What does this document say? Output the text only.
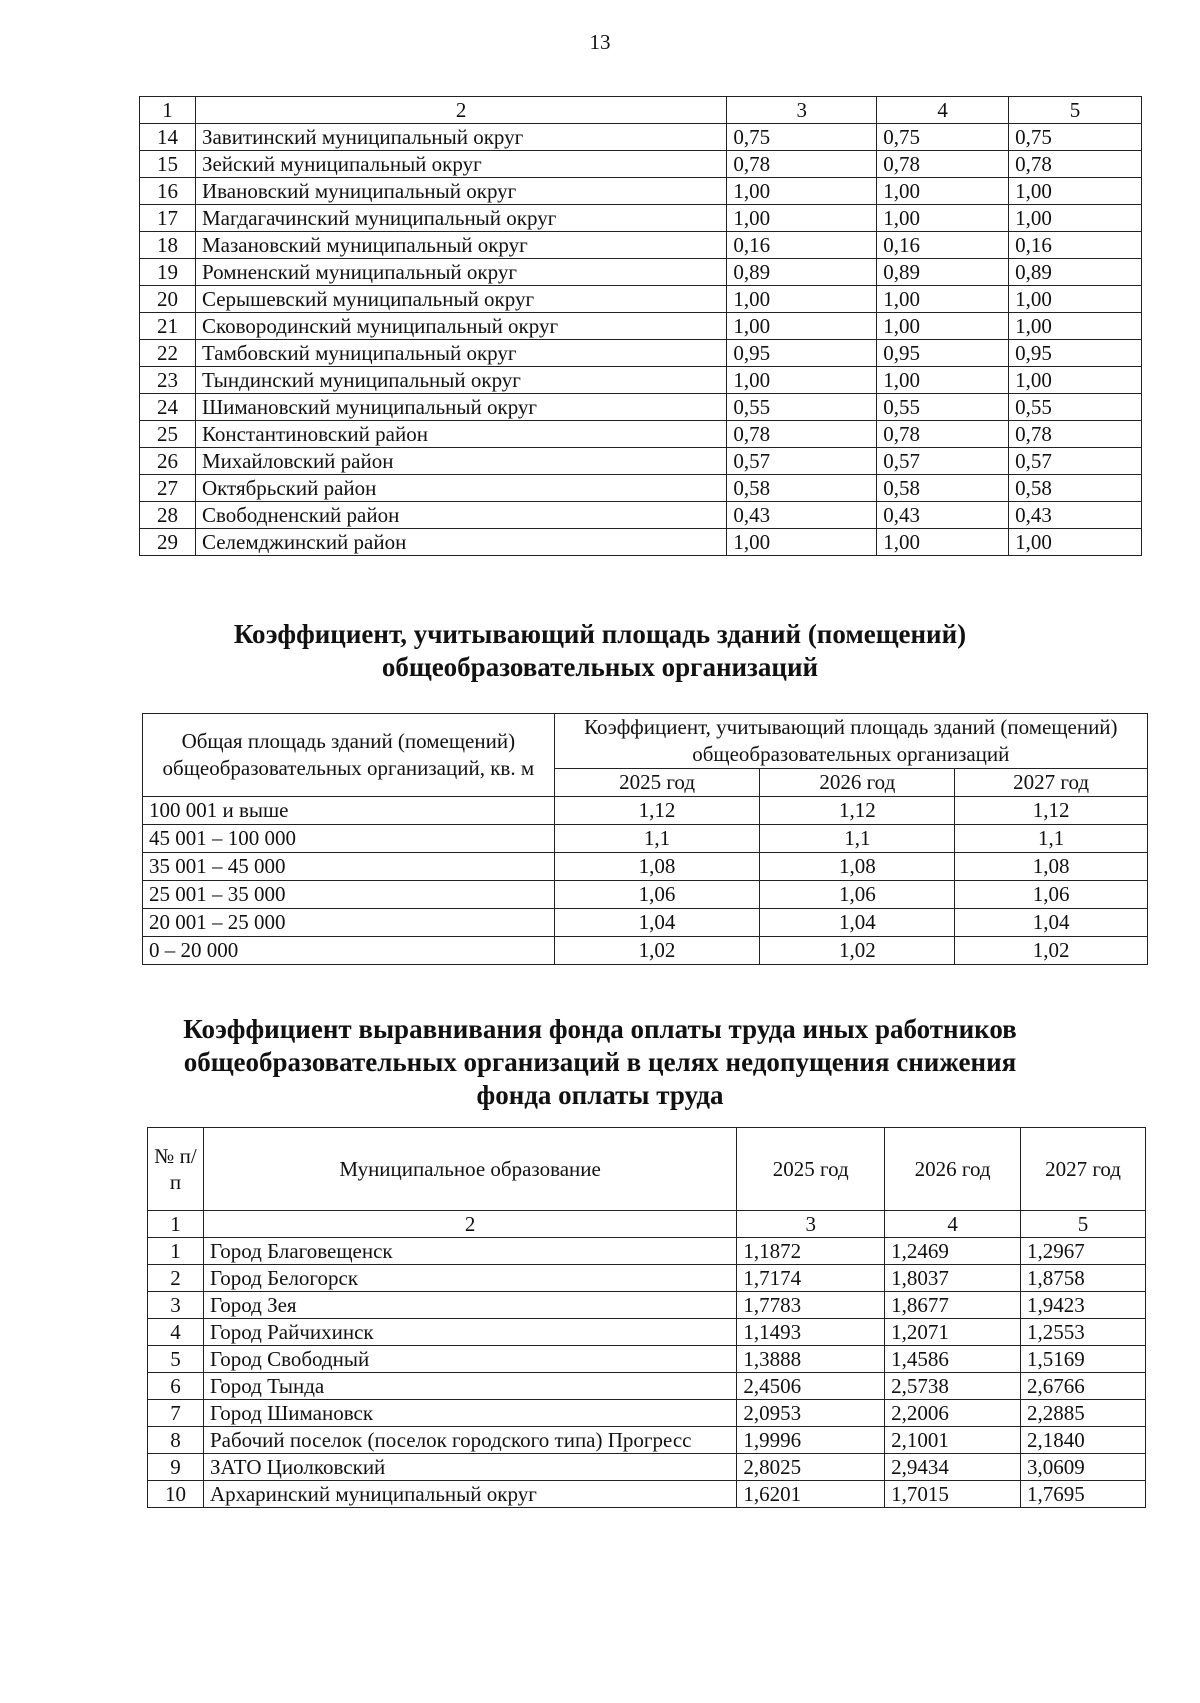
13
1	2	3	4	5
14	Завитинский муниципальный округ	0,75	0,75	0,75
15	Зейский муниципальный округ	0,78	0,78	0,78
16	Ивановский муниципальный округ	1,00	1,00	1,00
17	Магдагачинский муниципальный округ	1,00	1,00	1,00
18	Мазановский муниципальный округ	0,16	0,16	0,16
19	Ромненский муниципальный округ	0,89	0,89	0,89
20	Серышевский муниципальный округ	1,00	1,00	1,00
21	Сковородинский муниципальный округ	1,00	1,00	1,00
22	Тамбовский муниципальный округ	0,95	0,95	0,95
23	Тындинский муниципальный округ	1,00	1,00	1,00
24	Шимановский муниципальный округ	0,55	0,55	0,55
25	Константиновский район	0,78	0,78	0,78
26	Михайловский район	0,57	0,57	0,57
27	Октябрьский район	0,58	0,58	0,58
28	Свободненский район	0,43	0,43	0,43
29	Селемджинский район	1,00	1,00	1,00
Коэффициент, учитывающий площадь зданий (помещений)
общеобразовательных организаций
Общая площадь зданий (помещений) общеобразовательных организаций, кв. м	Коэффициент, учитывающий площадь зданий (помещений) общеобразовательных организаций		
	2025 год	2026 год	2027 год
100 001 и выше	1,12	1,12	1,12
45 001 – 100 000	1,1	1,1	1,1
35 001 – 45 000	1,08	1,08	1,08
25 001 – 35 000	1,06	1,06	1,06
20 001 – 25 000	1,04	1,04	1,04
0 – 20 000	1,02	1,02	1,02
Коэффициент выравнивания фонда оплаты труда иных работников
общеобразовательных организаций в целях недопущения снижения
фонда оплаты труда
№ п/п	Муниципальное образование	2025 год	2026 год	2027 год
1	2	3	4	5
1	Город Благовещенск	1,1872	1,2469	1,2967
2	Город Белогорск	1,7174	1,8037	1,8758
3	Город Зея	1,7783	1,8677	1,9423
4	Город Райчихинск	1,1493	1,2071	1,2553
5	Город Свободный	1,3888	1,4586	1,5169
6	Город Тында	2,4506	2,5738	2,6766
7	Город Шимановск	2,0953	2,2006	2,2885
8	Рабочий поселок (поселок городского типа) Прогресс	1,9996	2,1001	2,1840
9	ЗАТО Циолковский	2,8025	2,9434	3,0609
10	Архаринский муниципальный округ	1,6201	1,7015	1,7695
